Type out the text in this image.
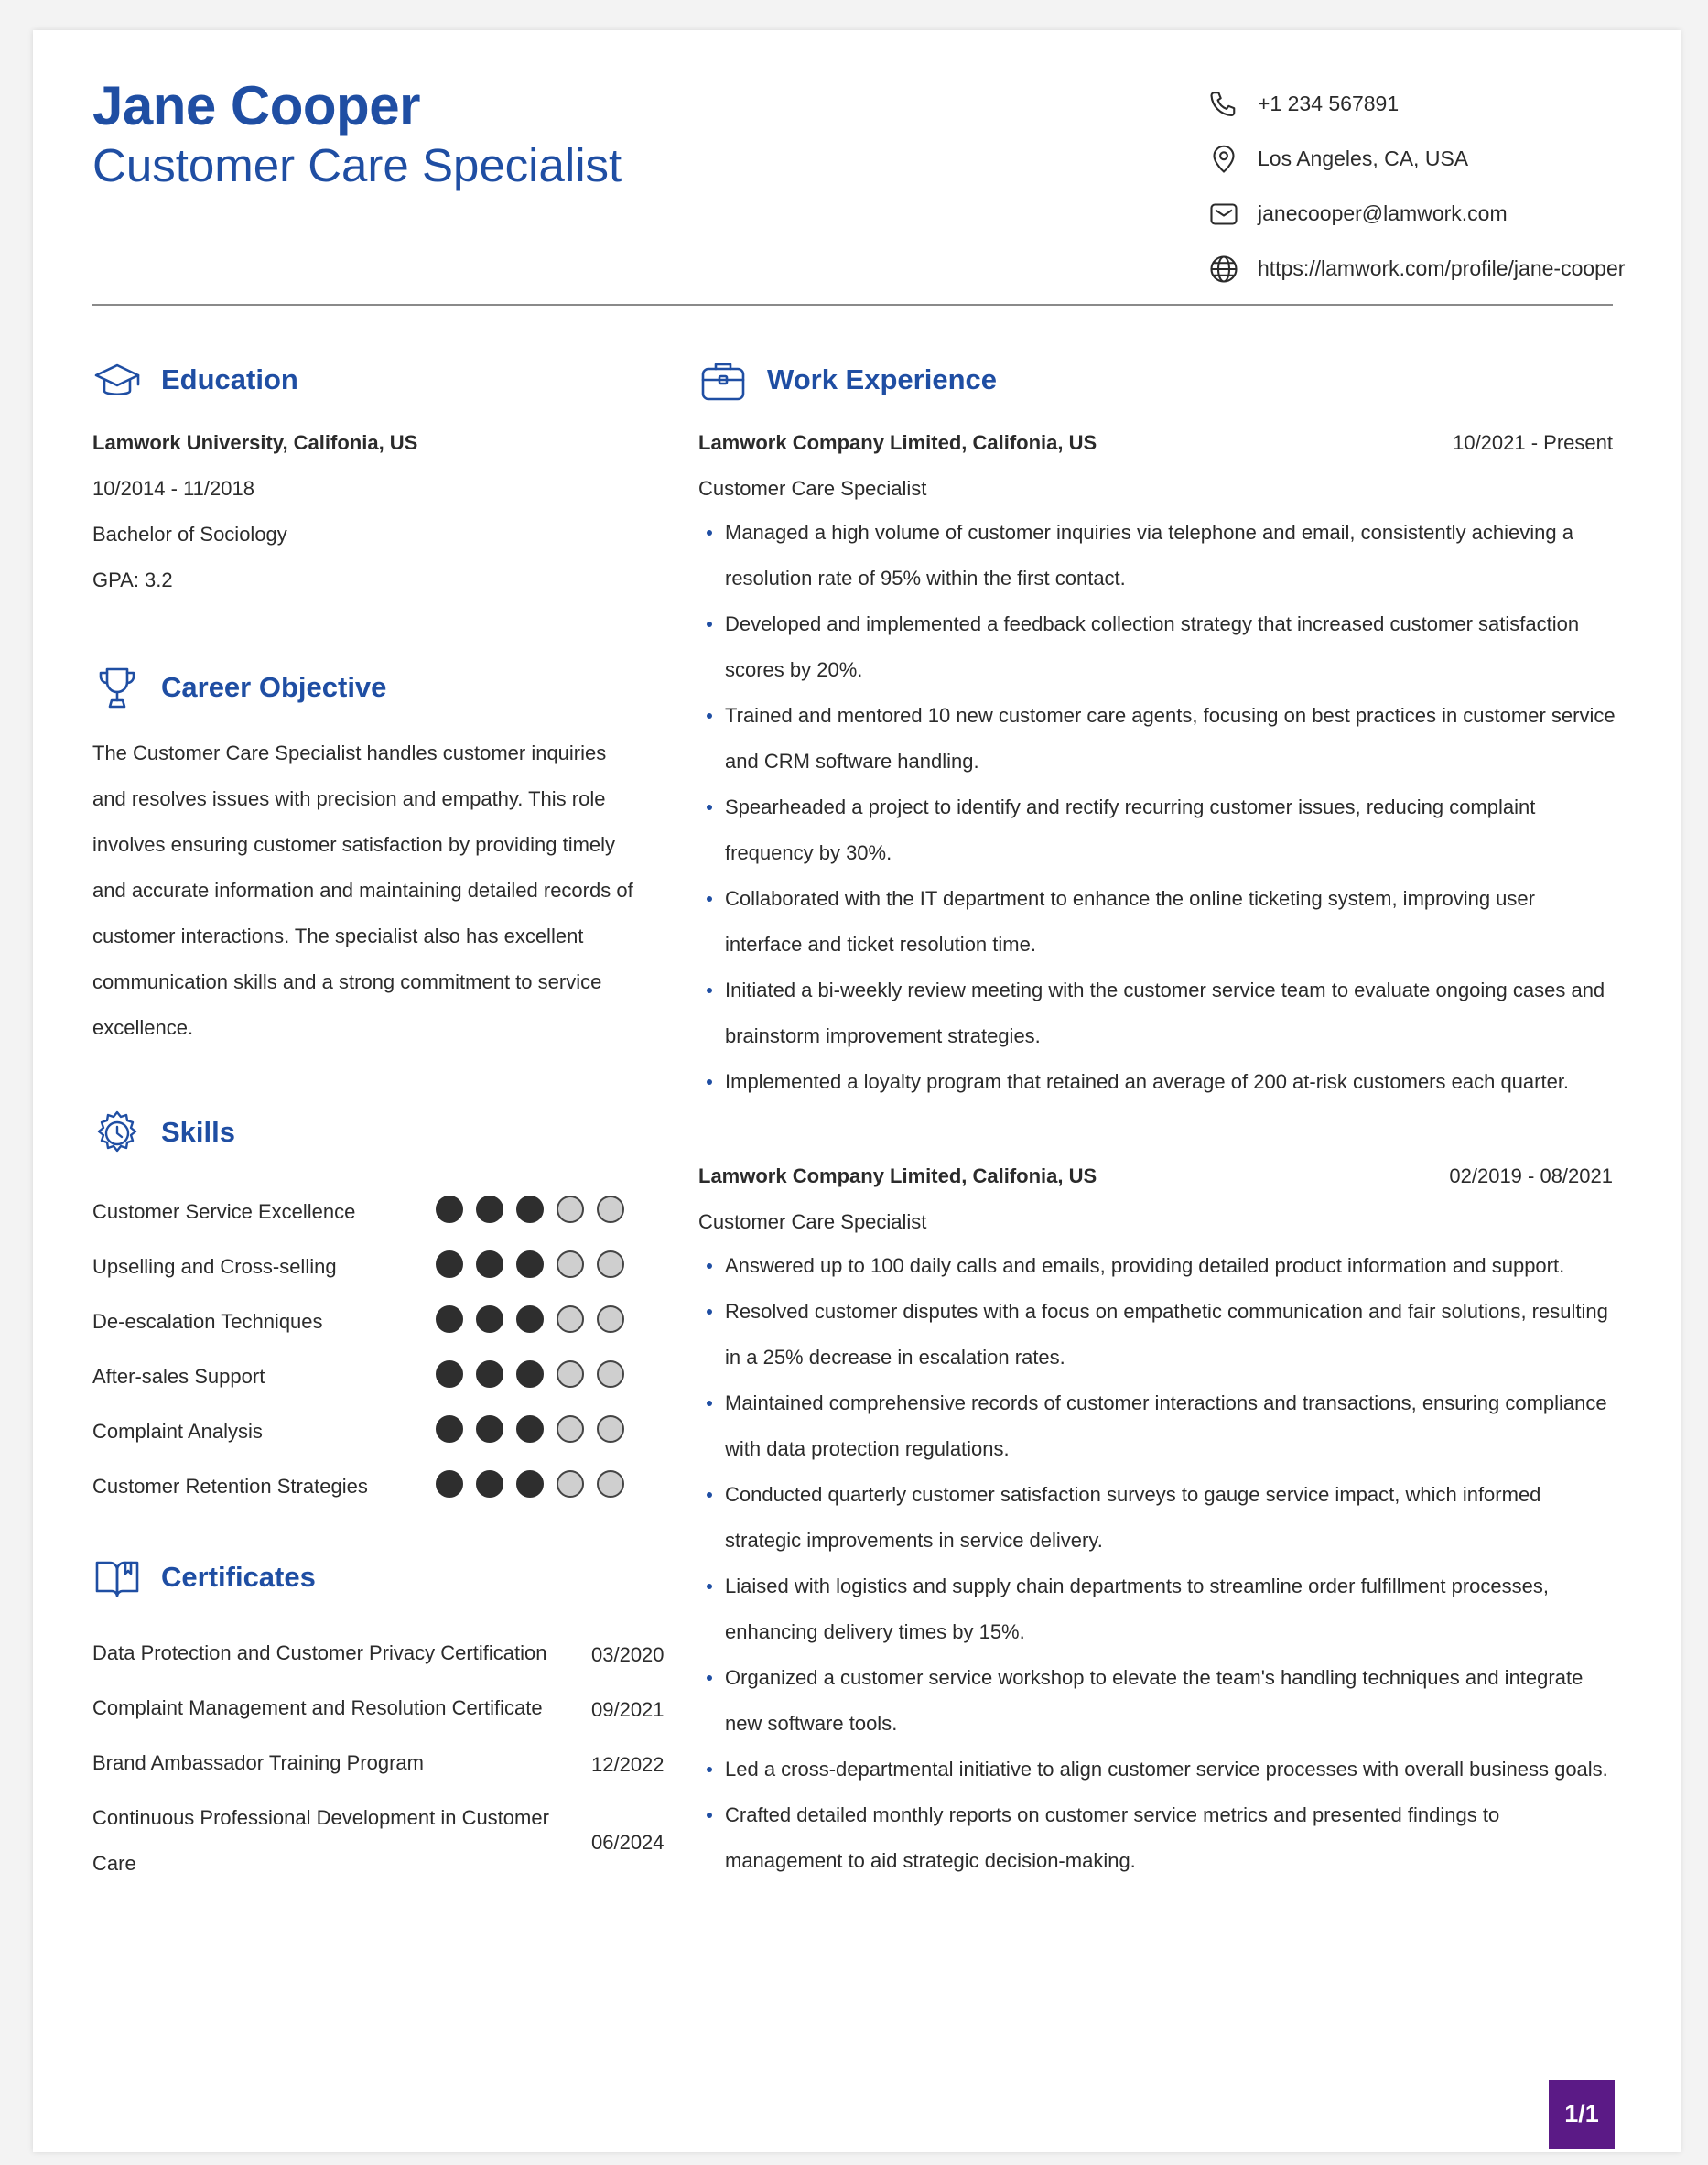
Jane Cooper
Customer Care Specialist
+1 234 567891
Los Angeles, CA, USA
janecooper@lamwork.com
https://lamwork.com/profile/jane-cooper
Education
Lamwork University, Califonia, US
10/2014 - 11/2018
Bachelor of Sociology
GPA: 3.2
Career Objective
The Customer Care Specialist handles customer inquiries and resolves issues with precision and empathy. This role involves ensuring customer satisfaction by providing timely and accurate information and maintaining detailed records of customer interactions. The specialist also has excellent communication skills and a strong commitment to service excellence.
Skills
Customer Service Excellence
Upselling and Cross-selling
De-escalation Techniques
After-sales Support
Complaint Analysis
Customer Retention Strategies
Certificates
Data Protection and Customer Privacy Certification 03/2020
Complaint Management and Resolution Certificate	09/2021
Brand Ambassador Training Program	12/2022
Continuous Professional Development in Customer Care
06/2024
Work Experience
Lamwork Company Limited, Califonia, US	10/2021 - Present
Customer Care Specialist
Managed a high volume of customer inquiries via telephone and email, consistently achieving a resolution rate of 95% within the first contact.
Developed and implemented a feedback collection strategy that increased customer satisfaction scores by 20%.
Trained and mentored 10 new customer care agents, focusing on best practices in customer service and CRM software handling.
Spearheaded a project to identify and rectify recurring customer issues, reducing complaint frequency by 30%.
Collaborated with the IT department to enhance the online ticketing system, improving user interface and ticket resolution time.
Initiated a bi-weekly review meeting with the customer service team to evaluate ongoing cases and brainstorm improvement strategies.
Implemented a loyalty program that retained an average of 200 at-risk customers each quarter.
Lamwork Company Limited, Califonia, US	02/2019 - 08/2021
Customer Care Specialist
Answered up to 100 daily calls and emails, providing detailed product information and support.
Resolved customer disputes with a focus on empathetic communication and fair solutions, resulting in a 25% decrease in escalation rates.
Maintained comprehensive records of customer interactions and transactions, ensuring compliance with data protection regulations.
Conducted quarterly customer satisfaction surveys to gauge service impact, which informed strategic improvements in service delivery.
Liaised with logistics and supply chain departments to streamline order fulfillment processes, enhancing delivery times by 15%.
Organized a customer service workshop to elevate the team's handling techniques and integrate new software tools.
Led a cross-departmental initiative to align customer service processes with overall business goals.
Crafted detailed monthly reports on customer service metrics and presented findings to management to aid strategic decision-making.
1/1
